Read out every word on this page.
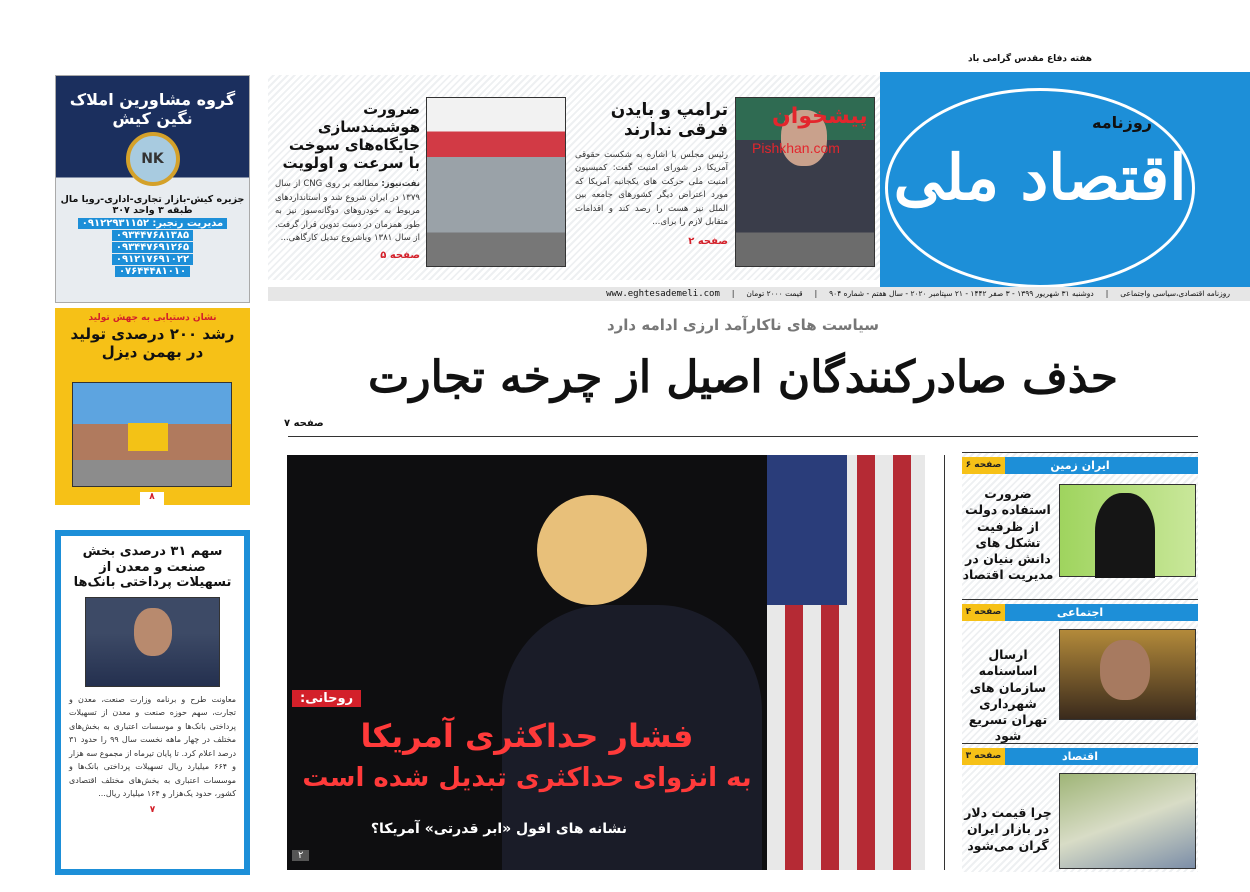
هفته دفاع مقدس گرامی باد
روزنامه
اقتصاد ملی
پیشخوان
Pishkhan.com
ترامپ و بایدن فرقی ندارند
رئیس مجلس با اشاره به شکست حقوقی آمریکا در شورای امنیت گفت: کمیسیون امنیت ملی حرکت های یکجانبه آمریکا که مورد اعتراض دیگر کشورهای جامعه بین الملل نیز هست را رصد کند و اقدامات متقابل لازم را برای...
صفحه ۲
ضرورت هوشمندسازی جایگاه‌های سوخت با سرعت و اولویت
نفت‌نیوز: مطالعه بر روی CNG از سال ۱۳۷۹ در ایران شروع شد و استانداردهای مربوط به خودروهای دوگانه‌سوز نیز به طور همزمان در دست تدوین قرار گرفت. از سال ۱۳۸۱ وباشروع تبدیل کارگاهی...
صفحه ۵
روزنامه اقتصادی،سیاسی واجتماعی
|
دوشنبه ۳۱ شهریور ۱۳۹۹ - ۳ صفر ۱۴۴۲ - ۲۱ سپتامبر ۲۰۲۰ - سال هفتم - شماره ۹۰۴
|
قیمت ۲۰۰۰ تومان
|
www.eghtesademeli.com
سیاست های ناکارآمد ارزی ادامه دارد
حذف صادرکنندگان اصیل از چرخه تجارت
صفحه ۷
روحانی:
فشار حداکثری آمریکا
به انزوای حداکثری تبدیل شده است
نشانه های افول «ابر قدرتی» آمریکا؟
۲
ایران زمین
صفحه ۶
ضرورت استفاده دولت از ظرفیت تشکل های دانش بنیان در مدیریت اقتصاد
اجتماعی
صفحه ۴
ارسال اساسنامه سازمان های شهرداری تهران تسریع شود
اقتصاد
صفحه ۳
چرا قیمت دلار در بازار ایران گران می‌شود
گروه مشاورین املاک
نگین کیش
NK
جزیره کیش-بازار تجاری-اداری-رویا مال
طبقه ۳ واحد ۳۰۷
مدیریت رنجبر: ۰۹۱۲۲۹۳۱۱۵۲
۰۹۳۴۴۷۶۸۱۳۸۵
۰۹۳۴۴۷۶۹۱۲۶۵
۰۹۱۲۱۷۶۹۱۰۲۲
۰۷۶۴۴۴۸۱۰۱۰
نشان دستیابی به جهش تولید
رشد ۲۰۰ درصدی تولید در بهمن دیزل
۸
سهم ۳۱ درصدی بخش صنعت و معدن از تسهیلات پرداختی بانک‌ها
معاونت طرح و برنامه وزارت صنعت، معدن و تجارت، سهم حوزه صنعت و معدن از تسهیلات پرداختی بانک‌ها و موسسات اعتباری به بخش‌های مختلف در چهار ماهه نخست سال ۹۹ را حدود ۳۱ درصد اعلام کرد. تا پایان تیرماه از مجموع سه هزار و ۶۶۴ میلیارد ریال تسهیلات پرداختی بانک‌ها و موسسات اعتباری به بخش‌های مختلف اقتصادی کشور، حدود یک‌هزار و ۱۶۴ میلیارد ریال...
۷
